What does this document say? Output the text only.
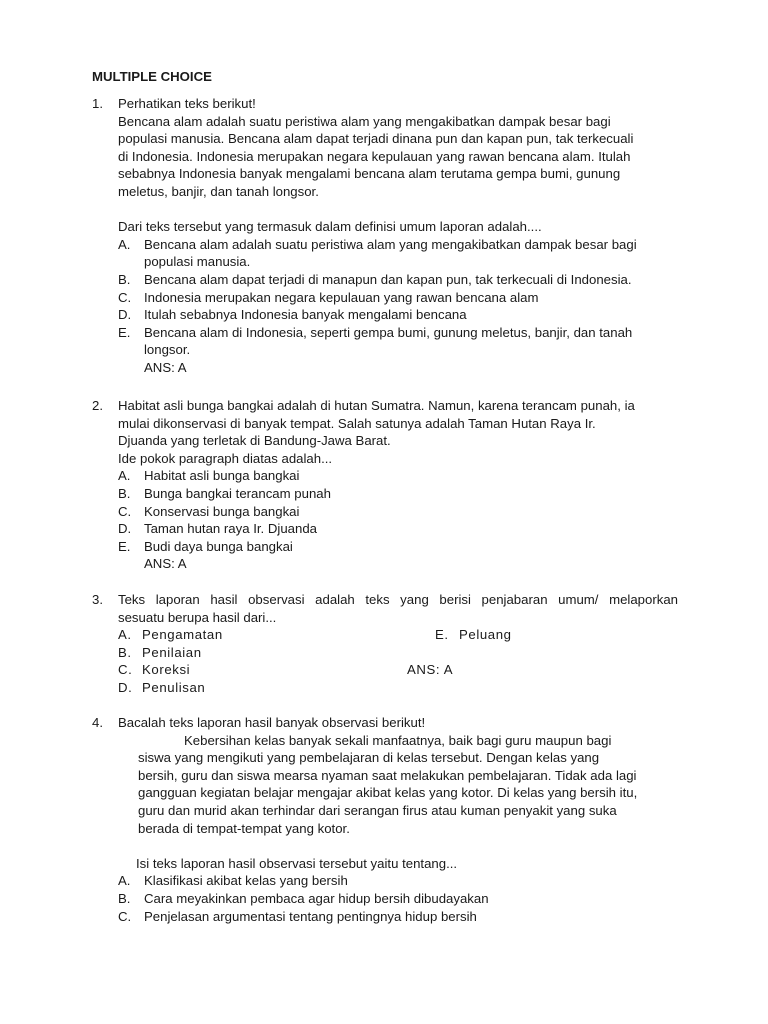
MULTIPLE CHOICE
1.	Perhatikan teks berikut!
Bencana alam adalah suatu peristiwa alam yang mengakibatkan dampak besar bagi
populasi manusia. Bencana alam dapat terjadi dinana pun dan kapan pun, tak terkecuali
di Indonesia. Indonesia merupakan negara kepulauan yang rawan bencana alam. Itulah
sebabnya Indonesia banyak mengalami bencana alam terutama gempa bumi, gunung
meletus, banjir, dan tanah longsor.
Dari teks tersebut yang termasuk dalam definisi umum laporan adalah....
A.	Bencana alam adalah suatu peristiwa alam yang mengakibatkan dampak besar bagi
populasi manusia.
B.	Bencana alam dapat terjadi di manapun dan kapan pun, tak terkecuali di Indonesia.
C. Indonesia merupakan negara kepulauan yang rawan bencana alam
D. Itulah sebabnya Indonesia banyak mengalami bencana
E.	Bencana alam di Indonesia, seperti gempa bumi, gunung meletus, banjir, dan tanah
longsor.
ANS: A
2.	Habitat asli bunga bangkai adalah di hutan Sumatra. Namun, karena terancam punah, ia
mulai dikonservasi di banyak tempat. Salah satunya adalah Taman Hutan Raya Ir.
Djuanda yang terletak di Bandung-Jawa Barat.
Ide pokok paragraph diatas adalah...
A.	Habitat asli bunga bangkai
B.	Bunga bangkai terancam punah
C. Konservasi bunga bangkai
D. Taman hutan raya Ir. Djuanda
E.	Budi daya bunga bangkai
ANS: A
3.	Teks laporan hasil observasi adalah teks yang berisi penjabaran umum/ melaporkan
sesuatu berupa hasil dari...
A. Pengamatan
B. Penilaian
C. Koreksi
D. Penulisan
E. Peluang
ANS: A
4.	Bacalah teks laporan hasil banyak observasi berikut!
Kebersihan kelas banyak sekali manfaatnya, baik bagi guru maupun bagi
siswa yang mengikuti yang pembelajaran di kelas tersebut. Dengan kelas yang
bersih, guru dan siswa mearsa nyaman saat melakukan pembelajaran. Tidak ada lagi
gangguan kegiatan belajar mengajar akibat kelas yang kotor. Di kelas yang bersih itu,
guru dan murid akan terhindar dari serangan firus atau kuman penyakit yang suka
berada di tempat-tempat yang kotor.
Isi teks laporan hasil observasi tersebut yaitu tentang...
A.	Klasifikasi akibat kelas yang bersih
B.	Cara meyakinkan pembaca agar hidup bersih dibudayakan
C. Penjelasan argumentasi tentang pentingnya hidup bersih
